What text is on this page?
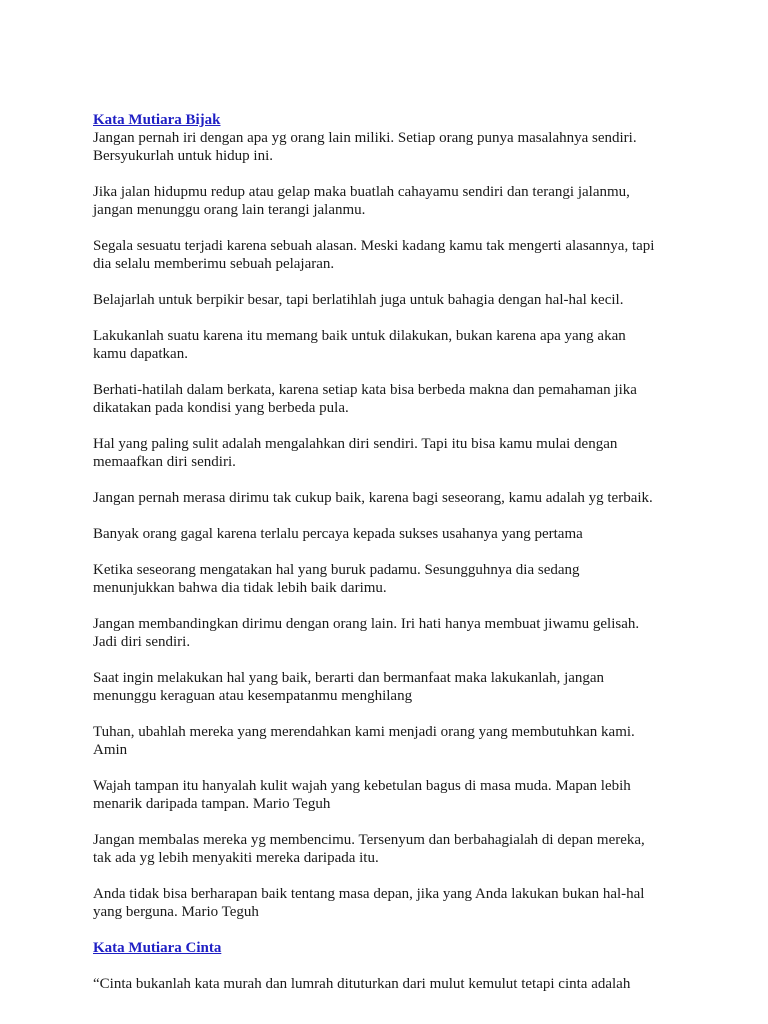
Kata Mutiara Bijak

Jangan pernah iri dengan apa yg orang lain miliki. Setiap orang punya masalahnya sendiri.
Bersyukurlah untuk hidup ini.

Jika jalan hidupmu redup atau gelap maka buatlah cahayamu sendiri dan terangi jalanmu,
jangan menunggu orang lain terangi jalanmu.

Segala sesuatu terjadi karena sebuah alasan. Meski kadang kamu tak mengerti alasannya, tapi
dia selalu memberimu sebuah pelajaran.

Belajarlah untuk berpikir besar, tapi berlatihlah juga untuk bahagia dengan hal-hal kecil.

Lakukanlah suatu karena itu memang baik untuk dilakukan, bukan karena apa yang akan
kamu dapatkan.

Berhati-hatilah dalam berkata, karena setiap kata bisa berbeda makna dan pemahaman jika
dikatakan pada kondisi yang berbeda pula.

Hal yang paling sulit adalah mengalahkan diri sendiri. Tapi itu bisa kamu mulai dengan
memaafkan diri sendiri.

Jangan pernah merasa dirimu tak cukup baik, karena bagi seseorang, kamu adalah yg terbaik.

Banyak orang gagal karena terlalu percaya kepada sukses usahanya yang pertama

Ketika seseorang mengatakan hal yang buruk padamu. Sesungguhnya dia sedang
menunjukkan bahwa dia tidak lebih baik darimu.

Jangan membandingkan dirimu dengan orang lain. Iri hati hanya membuat jiwamu gelisah.
Jadi diri sendiri.

Saat ingin melakukan hal yang baik, berarti dan bermanfaat maka lakukanlah, jangan
menunggu keraguan atau kesempatanmu menghilang

Tuhan, ubahlah mereka yang merendahkan kami menjadi orang yang membutuhkan kami.
Amin

Wajah tampan itu hanyalah kulit wajah yang kebetulan bagus di masa muda. Mapan lebih
menarik daripada tampan. Mario Teguh

Jangan membalas mereka yg membencimu. Tersenyum dan berbahagialah di depan mereka,
tak ada yg lebih menyakiti mereka daripada itu.

Anda tidak bisa berharapan baik tentang masa depan, jika yang Anda lakukan bukan hal-hal
yang berguna. Mario Teguh

Kata Mutiara Cinta

“Cinta bukanlah kata murah dan lumrah dituturkan dari mulut kemulut tetapi cinta adalah
